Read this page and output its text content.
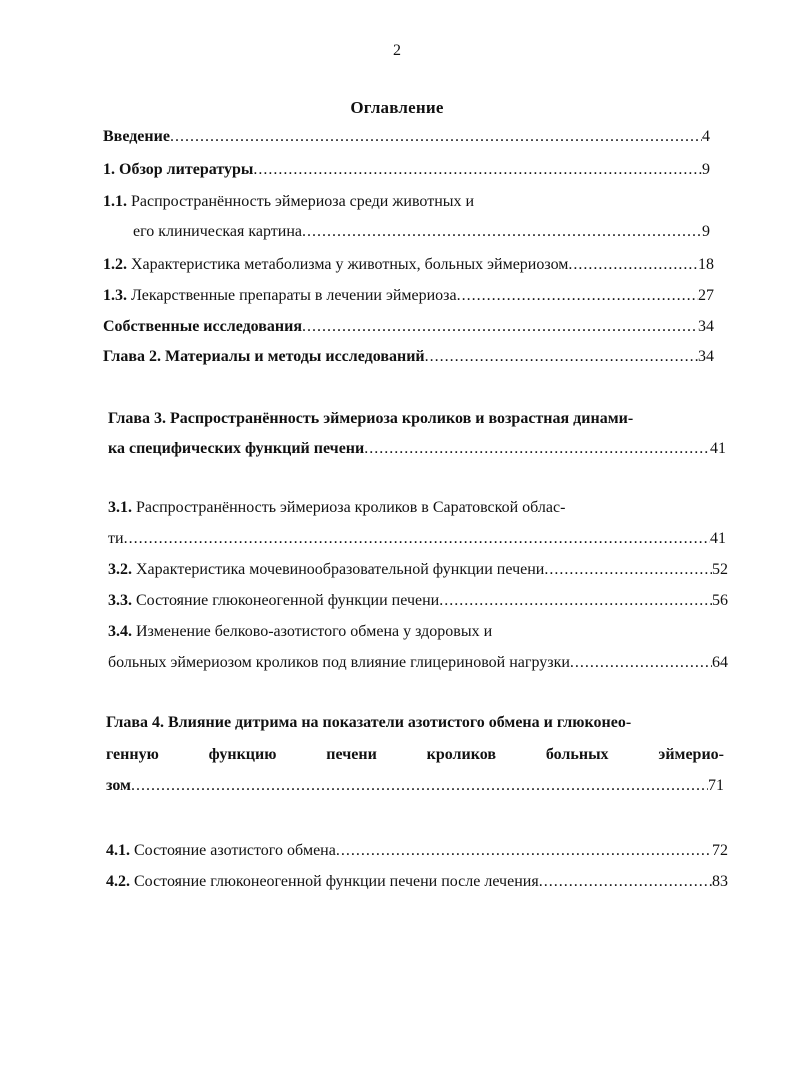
2
Оглавление
Введение .....	4
1. Обзор литературы .....	9
1.1. Распространённость эймериоза среди животных и
его клиническая картина .....	9
1.2. Характеристика метаболизма у животных, больных эймериозом .....	18
1.3. Лекарственные препараты в лечении эймериоза .....	27
Собственные исследования .....	34
Глава 2. Материалы и методы исследований .....	34
Глава 3. Распространённость эймериоза кроликов и возрастная динами-
ка специфических функций печени .....	41
3.1. Распространённость эймериоза кроликов в Саратовской облас-
ти .....	41
3.2. Характеристика мочевинообразовательной функции печени .....	52
3.3. Состояние глюконеогенной функции печени .....	56
3.4. Изменение белково-азотистого обмена у здоровых и
больных эймериозом кроликов под влияние глицериновой нагрузки .....	64
Глава 4. Влияние дитрима на показатели азотистого обмена и глюконео-
генную	функцию	печени	кроликов	больных	эймерио-
зом .....	71
4.1. Состояние азотистого обмена .....	72
4.2. Состояние глюконеогенной функции печени после лечения .....	83
